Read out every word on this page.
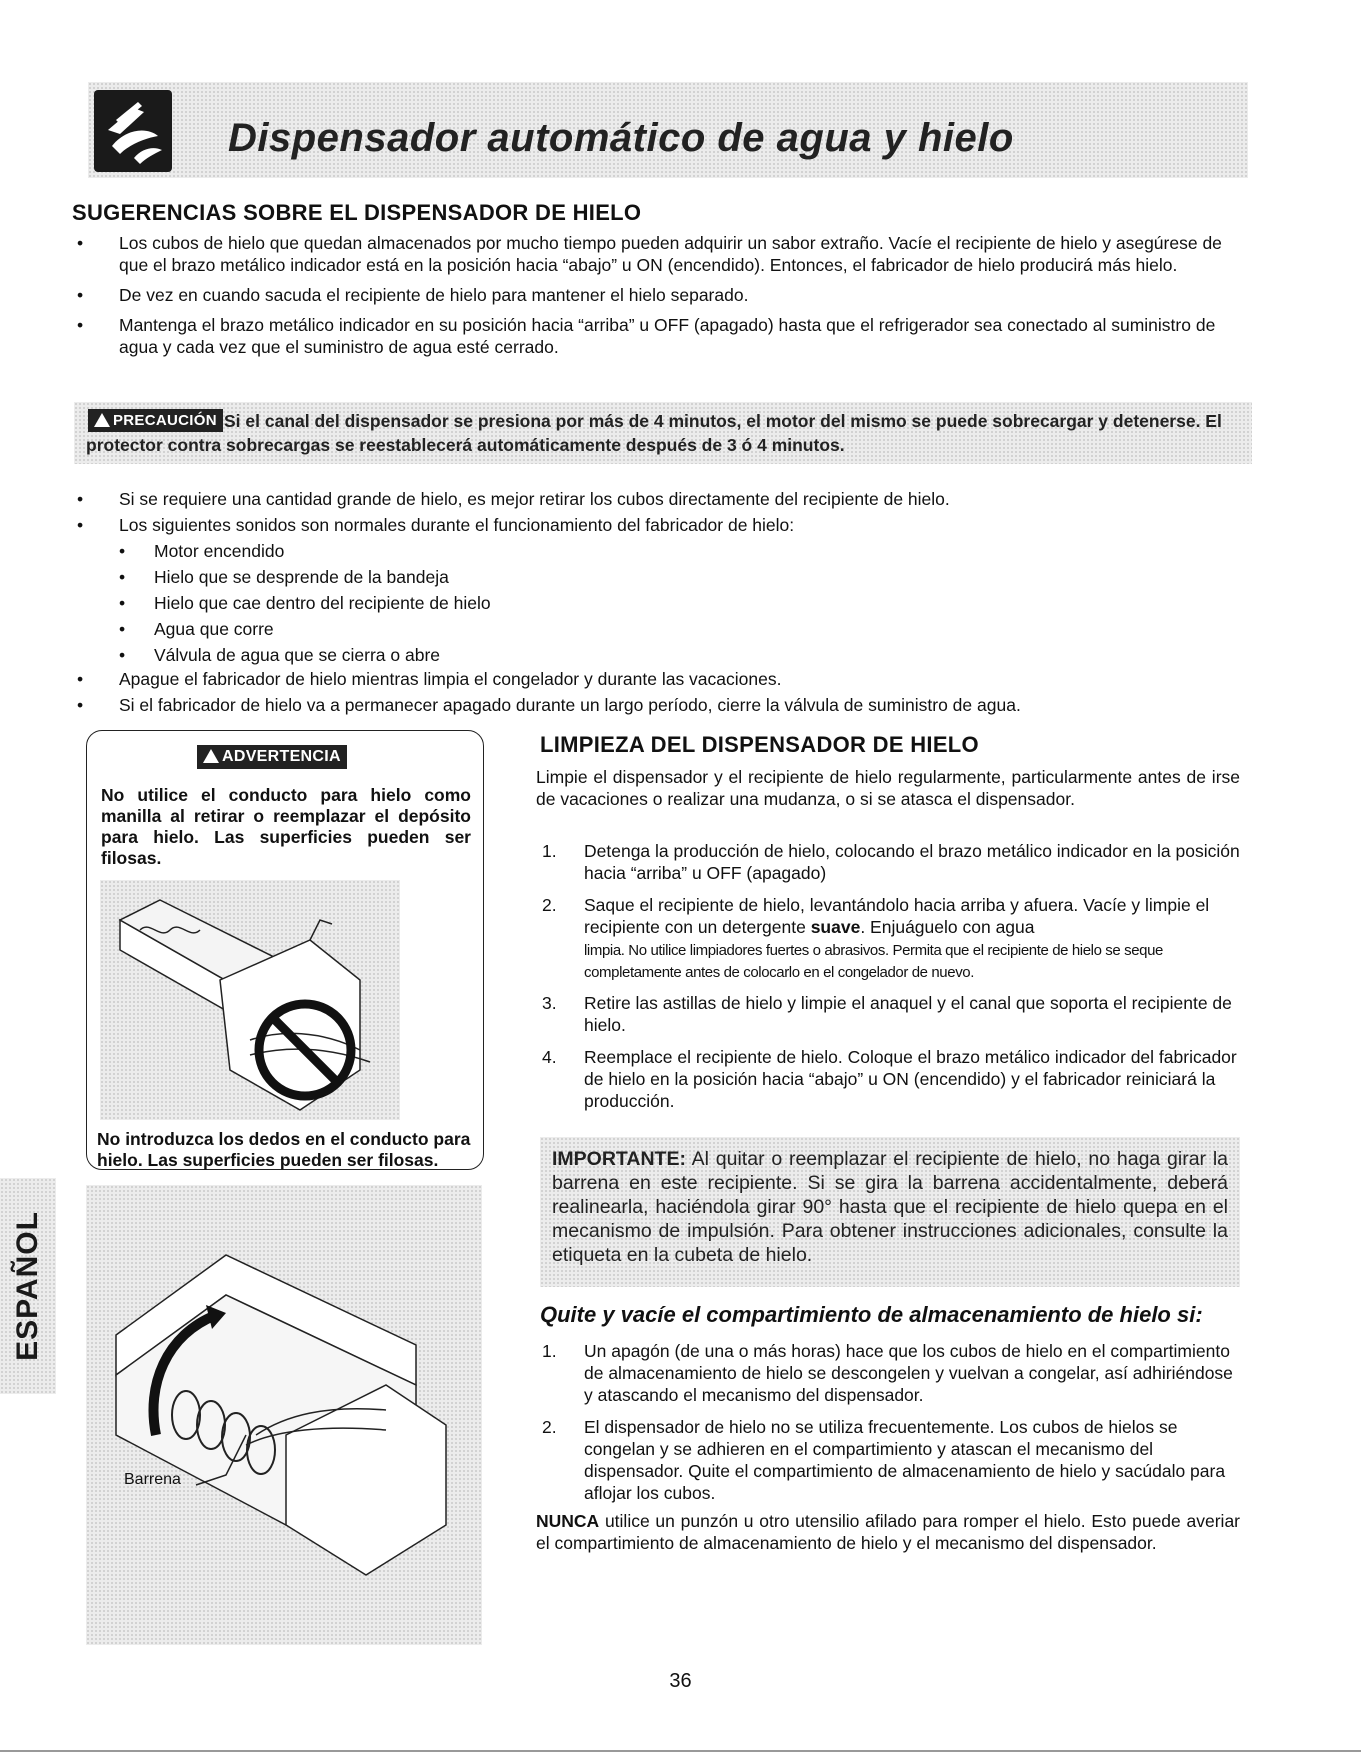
Dispensador automático de agua y hielo
SUGERENCIAS SOBRE EL DISPENSADOR DE HIELO
• Los cubos de hielo que quedan almacenados por mucho tiempo pueden adquirir un sabor extraño. Vacíe el recipiente de hielo y asegúrese de que el brazo metálico indicador está en la posición hacia “abajo” u ON (encendido). Entonces, el fabricador de hielo producirá más hielo.
• De vez en cuando sacuda el recipiente de hielo para mantener el hielo separado.
• Mantenga el brazo metálico indicador en su posición hacia “arriba” u OFF (apagado) hasta que el refrigerador sea conectado al suministro de agua y cada vez que el suministro de agua esté cerrado.
PRECAUCIÓN Si el canal del dispensador se presiona por más de 4 minutos, el motor del mismo se puede sobrecargar y detenerse. El protector contra sobrecargas se reestablecerá automáticamente después de 3 ó 4 minutos.
• Si se requiere una cantidad grande de hielo, es mejor retirar los cubos directamente del recipiente de hielo.
• Los siguientes sonidos son normales durante el funcionamiento del fabricador de hielo:
• Motor encendido
• Hielo que se desprende de la bandeja
• Hielo que cae dentro del recipiente de hielo
• Agua que corre
• Válvula de agua que se cierra o abre
• Apague el fabricador de hielo mientras limpia el congelador y durante las vacaciones.
• Si el fabricador de hielo va a permanecer apagado durante un largo período, cierre la válvula de suministro de agua.
ADVERTENCIA
No utilice el conducto para hielo como manilla al retirar o reemplazar el depósito para hielo. Las superficies pueden ser filosas.
No introduzca los dedos en el conducto para hielo. Las superficies pueden ser filosas.
ESPAÑOL
Barrena
LIMPIEZA DEL DISPENSADOR DE HIELO
Limpie el dispensador y el recipiente de hielo regularmente, particularmente antes de irse de vacaciones o realizar una mudanza, o si se atasca el dispensador.
1. Detenga la producción de hielo, colocando el brazo metálico indicador en la posición hacia “arriba” u OFF (apagado)
2. Saque el recipiente de hielo, levantándolo hacia arriba y afuera. Vacíe y limpie el recipiente con un detergente suave. Enjuáguelo con agua
limpia. No utilice limpiadores fuertes o abrasivos. Permita que el recipiente de hielo se seque completamente antes de colocarlo en el congelador de nuevo.
3. Retire las astillas de hielo y limpie el anaquel y el canal que soporta el recipiente de hielo.
4. Reemplace el recipiente de hielo. Coloque el brazo metálico indicador del fabricador de hielo en la posición hacia “abajo” u ON (encendido) y el fabricador reiniciará la producción.
IMPORTANTE: Al quitar o reemplazar el recipiente de hielo, no haga girar la barrena en este recipiente. Si se gira la barrena accidentalmente, deberá realinearla, haciéndola girar 90° hasta que el recipiente de hielo quepa en el mecanismo de impulsión. Para obtener instrucciones adicionales, consulte la etiqueta en la cubeta de hielo.
Quite y vacíe el compartimiento de almacenamiento de hielo si:
1. Un apagón (de una o más horas) hace que los cubos de hielo en el compartimiento de almacenamiento de hielo se descongelen y vuelvan a congelar, así adhiriéndose y atascando el mecanismo del dispensador.
2. El dispensador de hielo no se utiliza frecuentemente. Los cubos de hielos se congelan y se adhieren en el compartimiento y atascan el mecanismo del dispensador. Quite el compartimiento de almacenamiento de hielo y sacúdalo para aflojar los cubos.
NUNCA utilice un punzón u otro utensilio afilado para romper el hielo. Esto puede averiar el compartimiento de almacenamiento de hielo y el mecanismo del dispensador.
36
